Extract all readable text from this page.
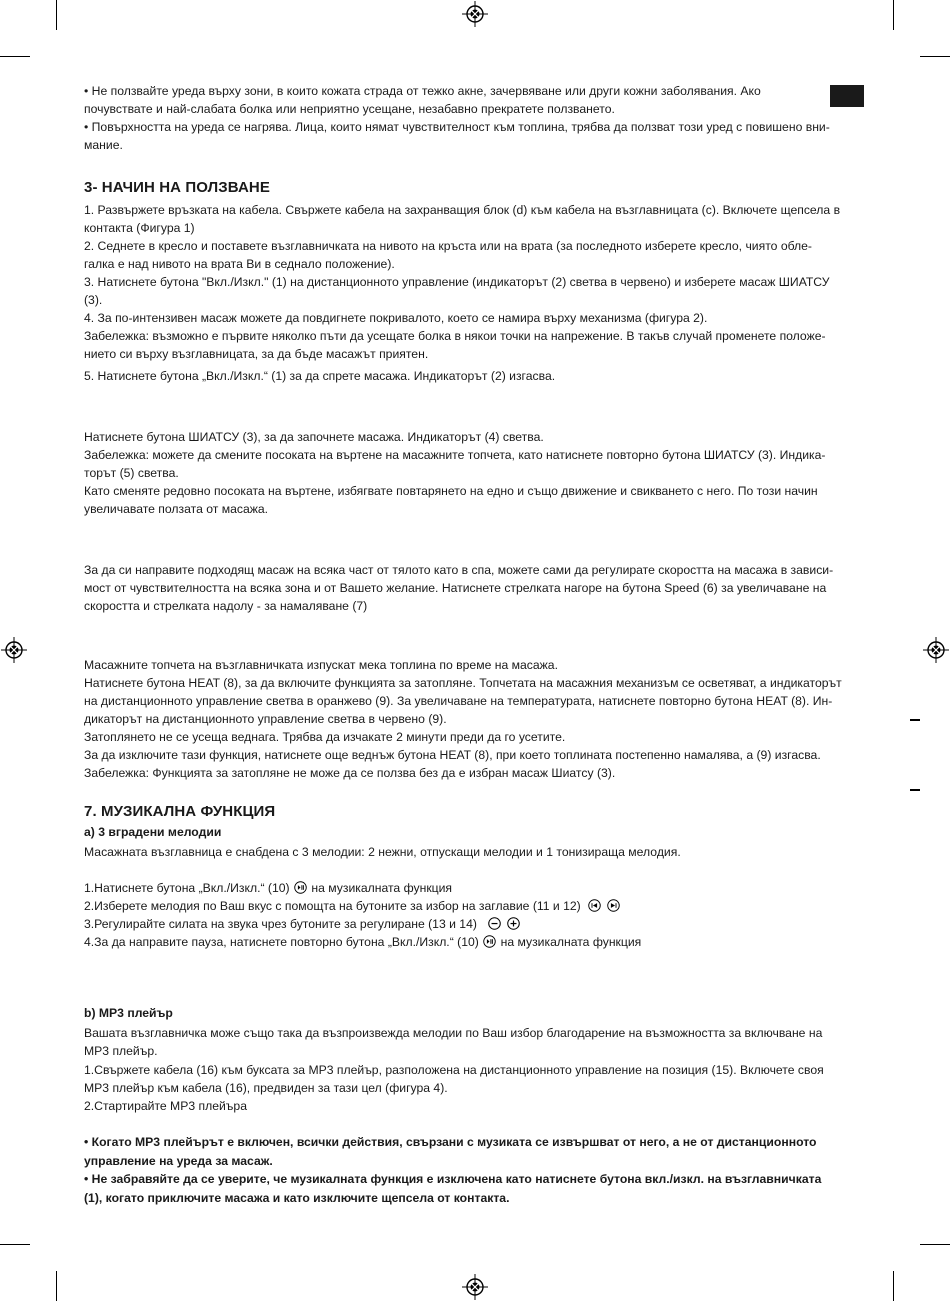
• Не ползвайте уреда върху зони, в които кожата страда от тежко акне, зачервяване или други кожни заболявания. Ако
почувствате и най-слабата болка или неприятно усещане, незабавно прекратете ползването.
• Повърхността на уреда се нагрява. Лица, които нямат чувствителност към топлина, трябва да ползват този уред с повишено вни-
мание.
3- НАЧИН НА ПОЛЗВАНЕ
1. Развържете връзката на кабела. Свържете кабела на захранващия блок (d) към кабела на възглавницата (c). Включете щепсела в
контакта (Фигура 1)
2. Седнете в кресло и поставете възглавничката на нивото на кръста или на врата (за последното изберете кресло, чиято обле-
галка е над нивото на врата Ви в седнало положение).
3. Натиснете бутона "Вкл./Изкл." (1) на дистанционното управление (индикаторът (2) светва в червено) и изберете масаж ШИАТСУ
(3).
4. За по-интензивен масаж можете да повдигнете покривалото, което се намира върху механизма (фигура 2).
Забележка: възможно е първите няколко пъти да усещате болка в някои точки на напрежение. В такъв случай променете положе-
нието си върху възглавницата, за да бъде масажът приятен.
5. Натиснете бутона „Вкл./Изкл.“ (1) за да спрете масажа. Индикаторът (2) изгасва.
Натиснете бутона ШИАТСУ (3), за да започнете масажа. Индикаторът (4) светва.
Забележка: можете да смените посоката на въртене на масажните топчета, като натиснете повторно бутона ШИАТСУ (3). Индика-
торът (5) светва.
Като сменяте редовно посоката на въртене, избягвате повтарянето на едно и също движение и свикването с него. По този начин
увеличавате ползата от масажа.
За да си направите подходящ масаж на всяка част от тялото като в спа, можете сами да регулирате скоростта на масажа в зависи-
мост от чувствителността на всяка зона и от Вашето желание. Натиснете стрелката нагоре на бутона Speed (6) за увеличаване на
скоростта и стрелката надолу - за намаляване (7)
Масажните топчета на възглавничката изпускат мека топлина по време на масажа.
Натиснете бутона HEAT (8), за да включите функцията за затопляне. Топчетата на масажния механизъм се осветяват, а индикаторът
на дистанционното управление светва в оранжево (9). За увеличаване на температурата, натиснете повторно бутона HEAT (8). Ин-
дикаторът на дистанционното управление светва в червено (9).
Затоплянето не се усеща веднага. Трябва да изчакате 2 минути преди да го усетите.
За да изключите тази функция, натиснете още веднъж бутона HEAT (8), при което топлината постепенно намалява, а (9) изгасва.
Забележка: Функцията за затопляне не може да се ползва без да е избран масаж Шиатсу (3).
7. МУЗИКАЛНА ФУНКЦИЯ
a) 3 вградени мелодии
Масажната възглавница е снабдена с 3 мелодии: 2 нежни, отпускащи мелодии и 1 тонизираща мелодия.
1.Натиснете бутона „Вкл./Изкл.“ (10) на музикалната функция
2.Изберете мелодия по Ваш вкус с помощта на бутоните за избор на заглавие (11 и 12)
3.Регулирайте силата на звука чрез бутоните за регулиране (13 и 14)
4.За да направите пауза, натиснете повторно бутона „Вкл./Изкл.“ (10) на музикалната функция
b) MP3 плейър
Вашата възглавничка може също така да възпроизвежда мелодии по Ваш избор благодарение на възможността за включване на
MP3 плейър.
1.Свържете кабела (16) към буксата за MP3 плейър, разположена на дистанционното управление на позиция (15). Включете своя
MP3 плейър към кабела (16), предвиден за тази цел (фигура 4).
2.Стартирайте MP3 плейъра
• Когато MP3 плейърът е включен, всички действия, свързани с музиката се извършват от него, а не от дистанционното
управление на уреда за масаж.
• Не забравяйте да се уверите, че музикалната функция е изключена като натиснете бутона вкл./изкл. на възглавничката
(1), когато приключите масажа и като изключите щепсела от контакта.
